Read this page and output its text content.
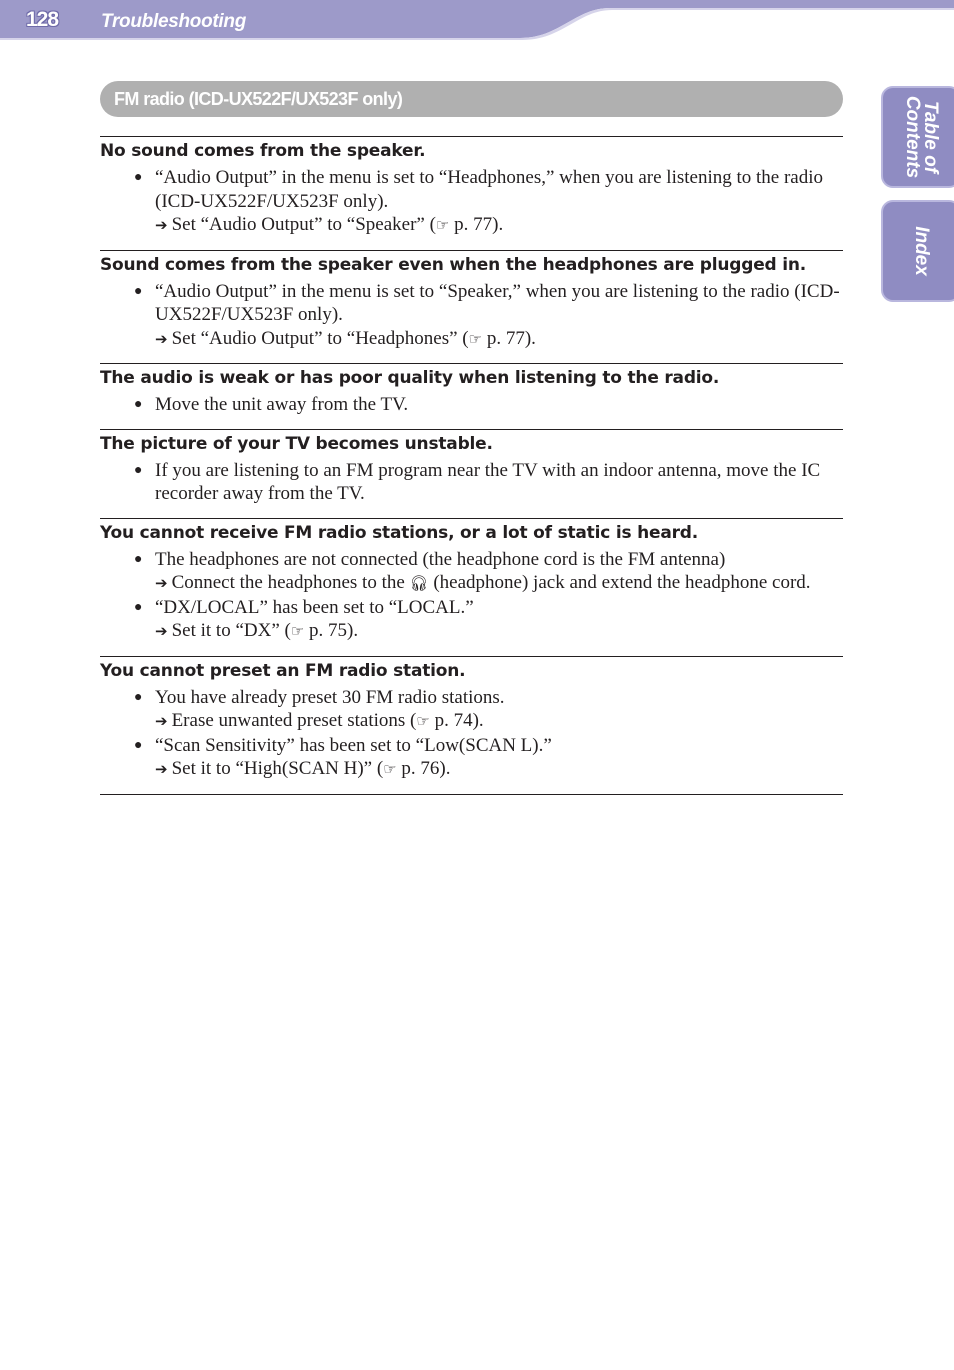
128 Troubleshooting
Table of
Contents
Index
FM radio (ICD-UX522F/UX523F only)
No sound comes from the speaker.
● “Audio Output” in the menu is set to “Headphones,” when you are listening to the radio (ICD-UX522F/UX523F only).
➔ Set “Audio Output” to “Speaker” (☞ p. 77).
Sound comes from the speaker even when the headphones are plugged in.
● “Audio Output” in the menu is set to “Speaker,” when you are listening to the radio (ICD-UX522F/UX523F only).
➔ Set “Audio Output” to “Headphones” (☞ p. 77).
The audio is weak or has poor quality when listening to the radio.
● Move the unit away from the TV.
The picture of your TV becomes unstable.
● If you are listening to an FM program near the TV with an indoor antenna, move the IC recorder away from the TV.
You cannot receive FM radio stations, or a lot of static is heard.
● The headphones are not connected (the headphone cord is the FM antenna)
➔ Connect the headphones to the 🎧︎ (headphone) jack and extend the headphone cord.
● “DX/LOCAL” has been set to “LOCAL.”
➔ Set it to “DX” (☞ p. 75).
You cannot preset an FM radio station.
● You have already preset 30 FM radio stations.
➔ Erase unwanted preset stations (☞ p. 74).
● “Scan Sensitivity” has been set to “Low(SCAN L).”
➔ Set it to “High(SCAN H)” (☞ p. 76).
